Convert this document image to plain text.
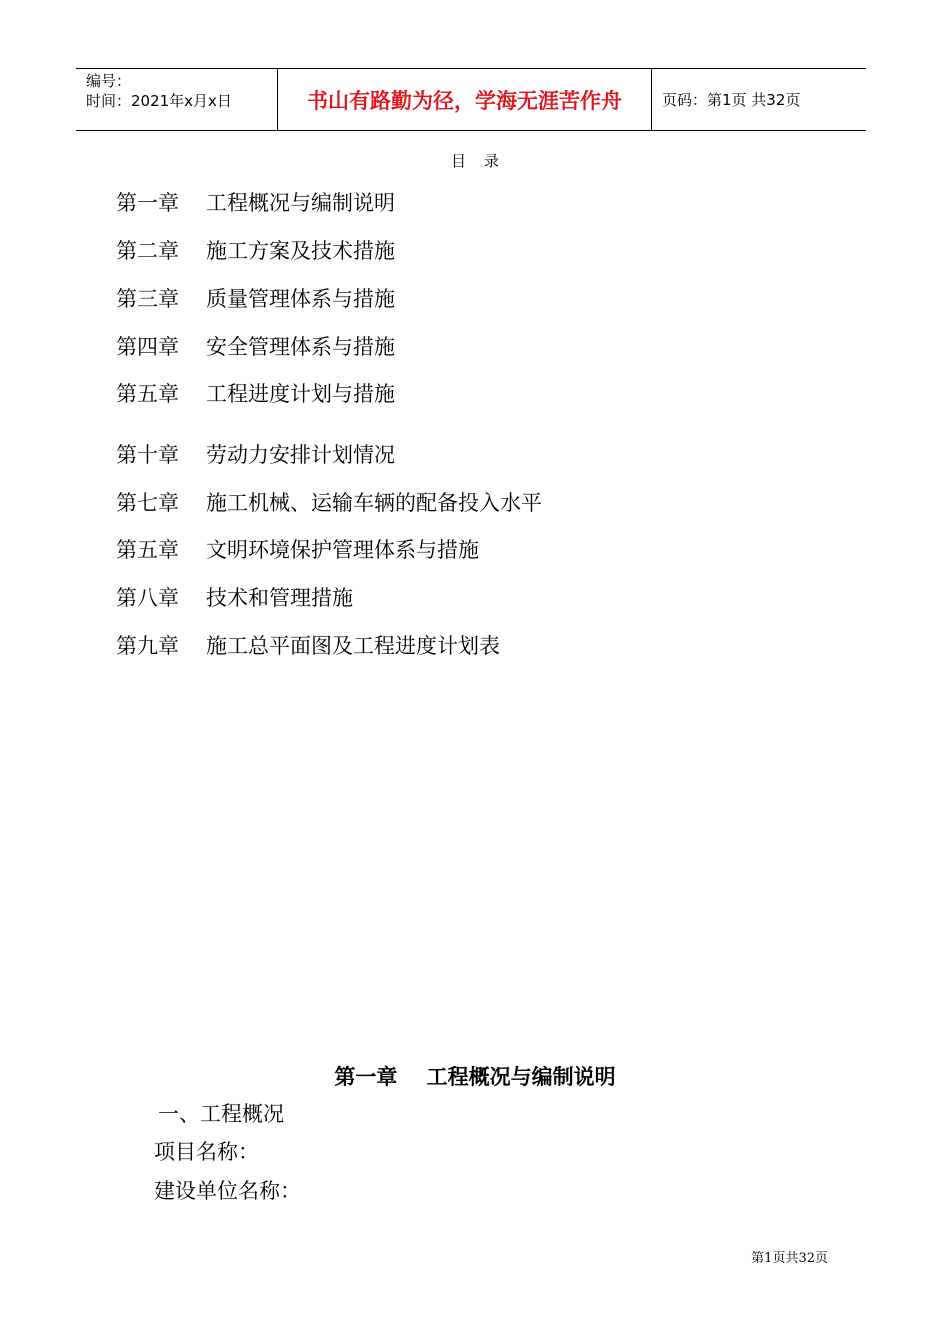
编号：
时间：2021年x月x日	书山有路勤为径，学海无涯苦作舟	页码：第1页 共32页
目录
第一章 工程概况与编制说明
第二章 施工方案及技术措施
第三章 质量管理体系与措施
第四章 安全管理体系与措施
第五章 工程进度计划与措施
第十章 劳动力安排计划情况
第七章 施工机械、运输车辆的配备投入水平
第五章 文明环境保护管理体系与措施
第八章 技术和管理措施
第九章 施工总平面图及工程进度计划表
第一章    工程概况与编制说明
一、工程概况
项目名称：
建设单位名称：
第1页共32页
